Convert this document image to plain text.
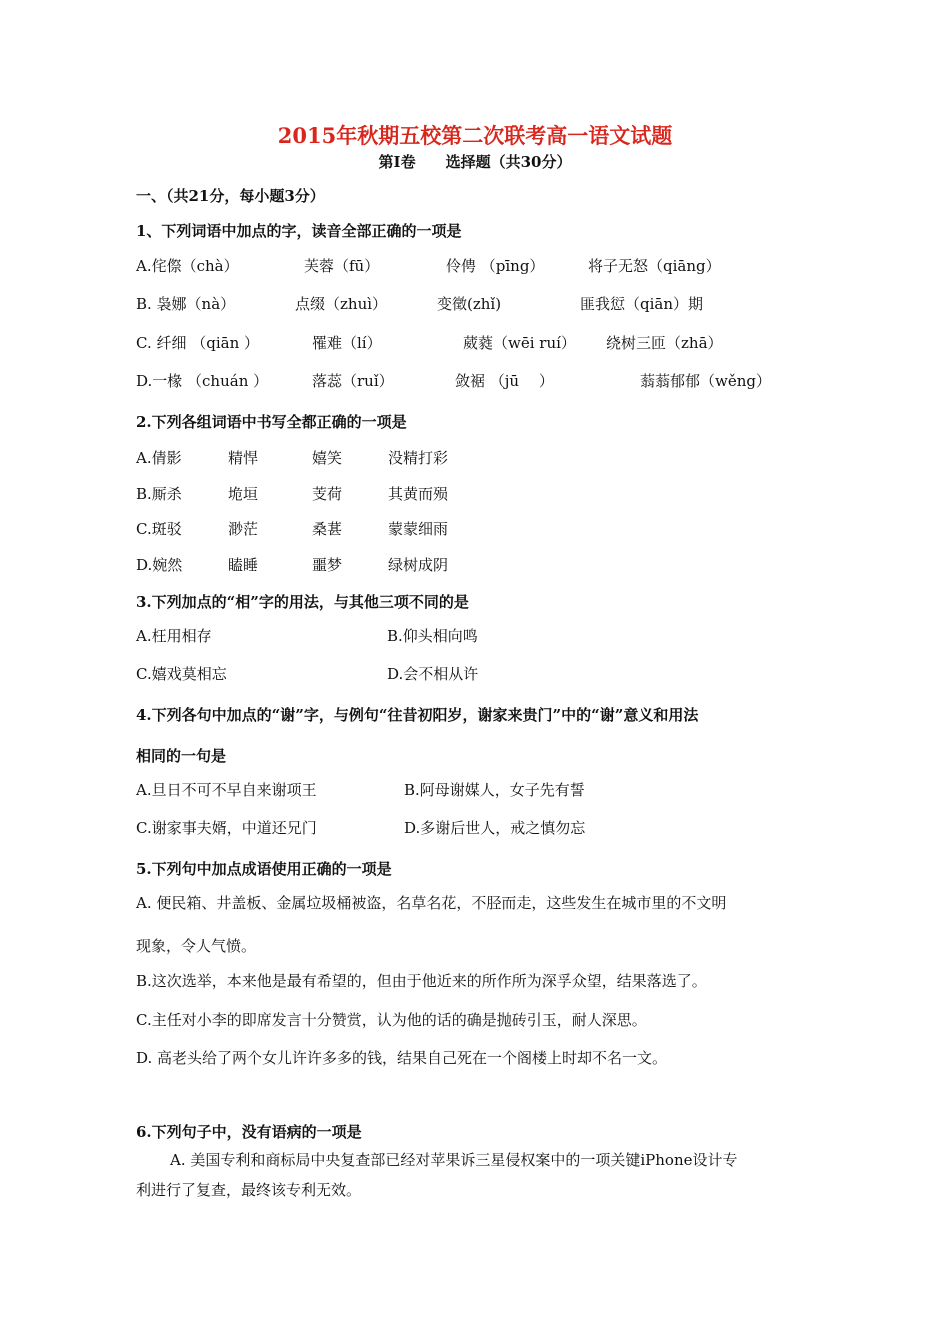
2015年秋期五校第二次联考高一语文试题
第Ⅰ卷　　选择题（共30分）
一、（共21分，每小题3分）
1、下列词语中加点的字，读音全部正确的一项是
A.侘傺（chà）	芙蓉（fū）	伶俜 （pīng）	将子无怒（qiāng）
B. 袅娜（nà）	点缀（zhuì）	变徵(zhǐ)	匪我愆（qiān）期
C. 纤细 （qiān ）	罹难（lí）	葳蕤（wēi ruí） 绕树三匝（zhā）
D.一椽 （chuán ）	落蕊（ruǐ）	敛裾 （jū　 ）	蓊蓊郁郁（wěng）
2.下列各组词语中书写全都正确的一项是
A.倩影	精悍	嬉笑	没精打彩
B.厮杀	垝垣	芰荷	其黄而殒
C.斑驳	渺茫	桑葚	蒙蒙细雨
D.婉然	瞌睡	噩梦	绿树成阴
3.下列加点的“相”字的用法，与其他三项不同的是
A.枉用相存	B.仰头相向鸣
C.嬉戏莫相忘	D.会不相从许
4.下列各句中加点的“谢”字，与例句“往昔初阳岁，谢家来贵门”中的“谢”意义和用法
相同的一句是
A.旦日不可不早自来谢项王	B.阿母谢媒人，女子先有誓
C.谢家事夫婿，中道还兄门	D.多谢后世人，戒之慎勿忘
5.下列句中加点成语使用正确的一项是
A. 便民箱、井盖板、金属垃圾桶被盗，名草名花，不胫而走，这些发生在城市里的不文明
现象，令人气愤。
B.这次选举，本来他是最有希望的，但由于他近来的所作所为深孚众望，结果落选了。
C.主任对小李的即席发言十分赞赏，认为他的话的确是抛砖引玉，耐人深思。
D. 高老头给了两个女儿许许多多的钱，结果自己死在一个阁楼上时却不名一文。
6.下列句子中，没有语病的一项是
A. 美国专利和商标局中央复查部已经对苹果诉三星侵权案中的一项关键iPhone设计专
利进行了复查，最终该专利无效。
